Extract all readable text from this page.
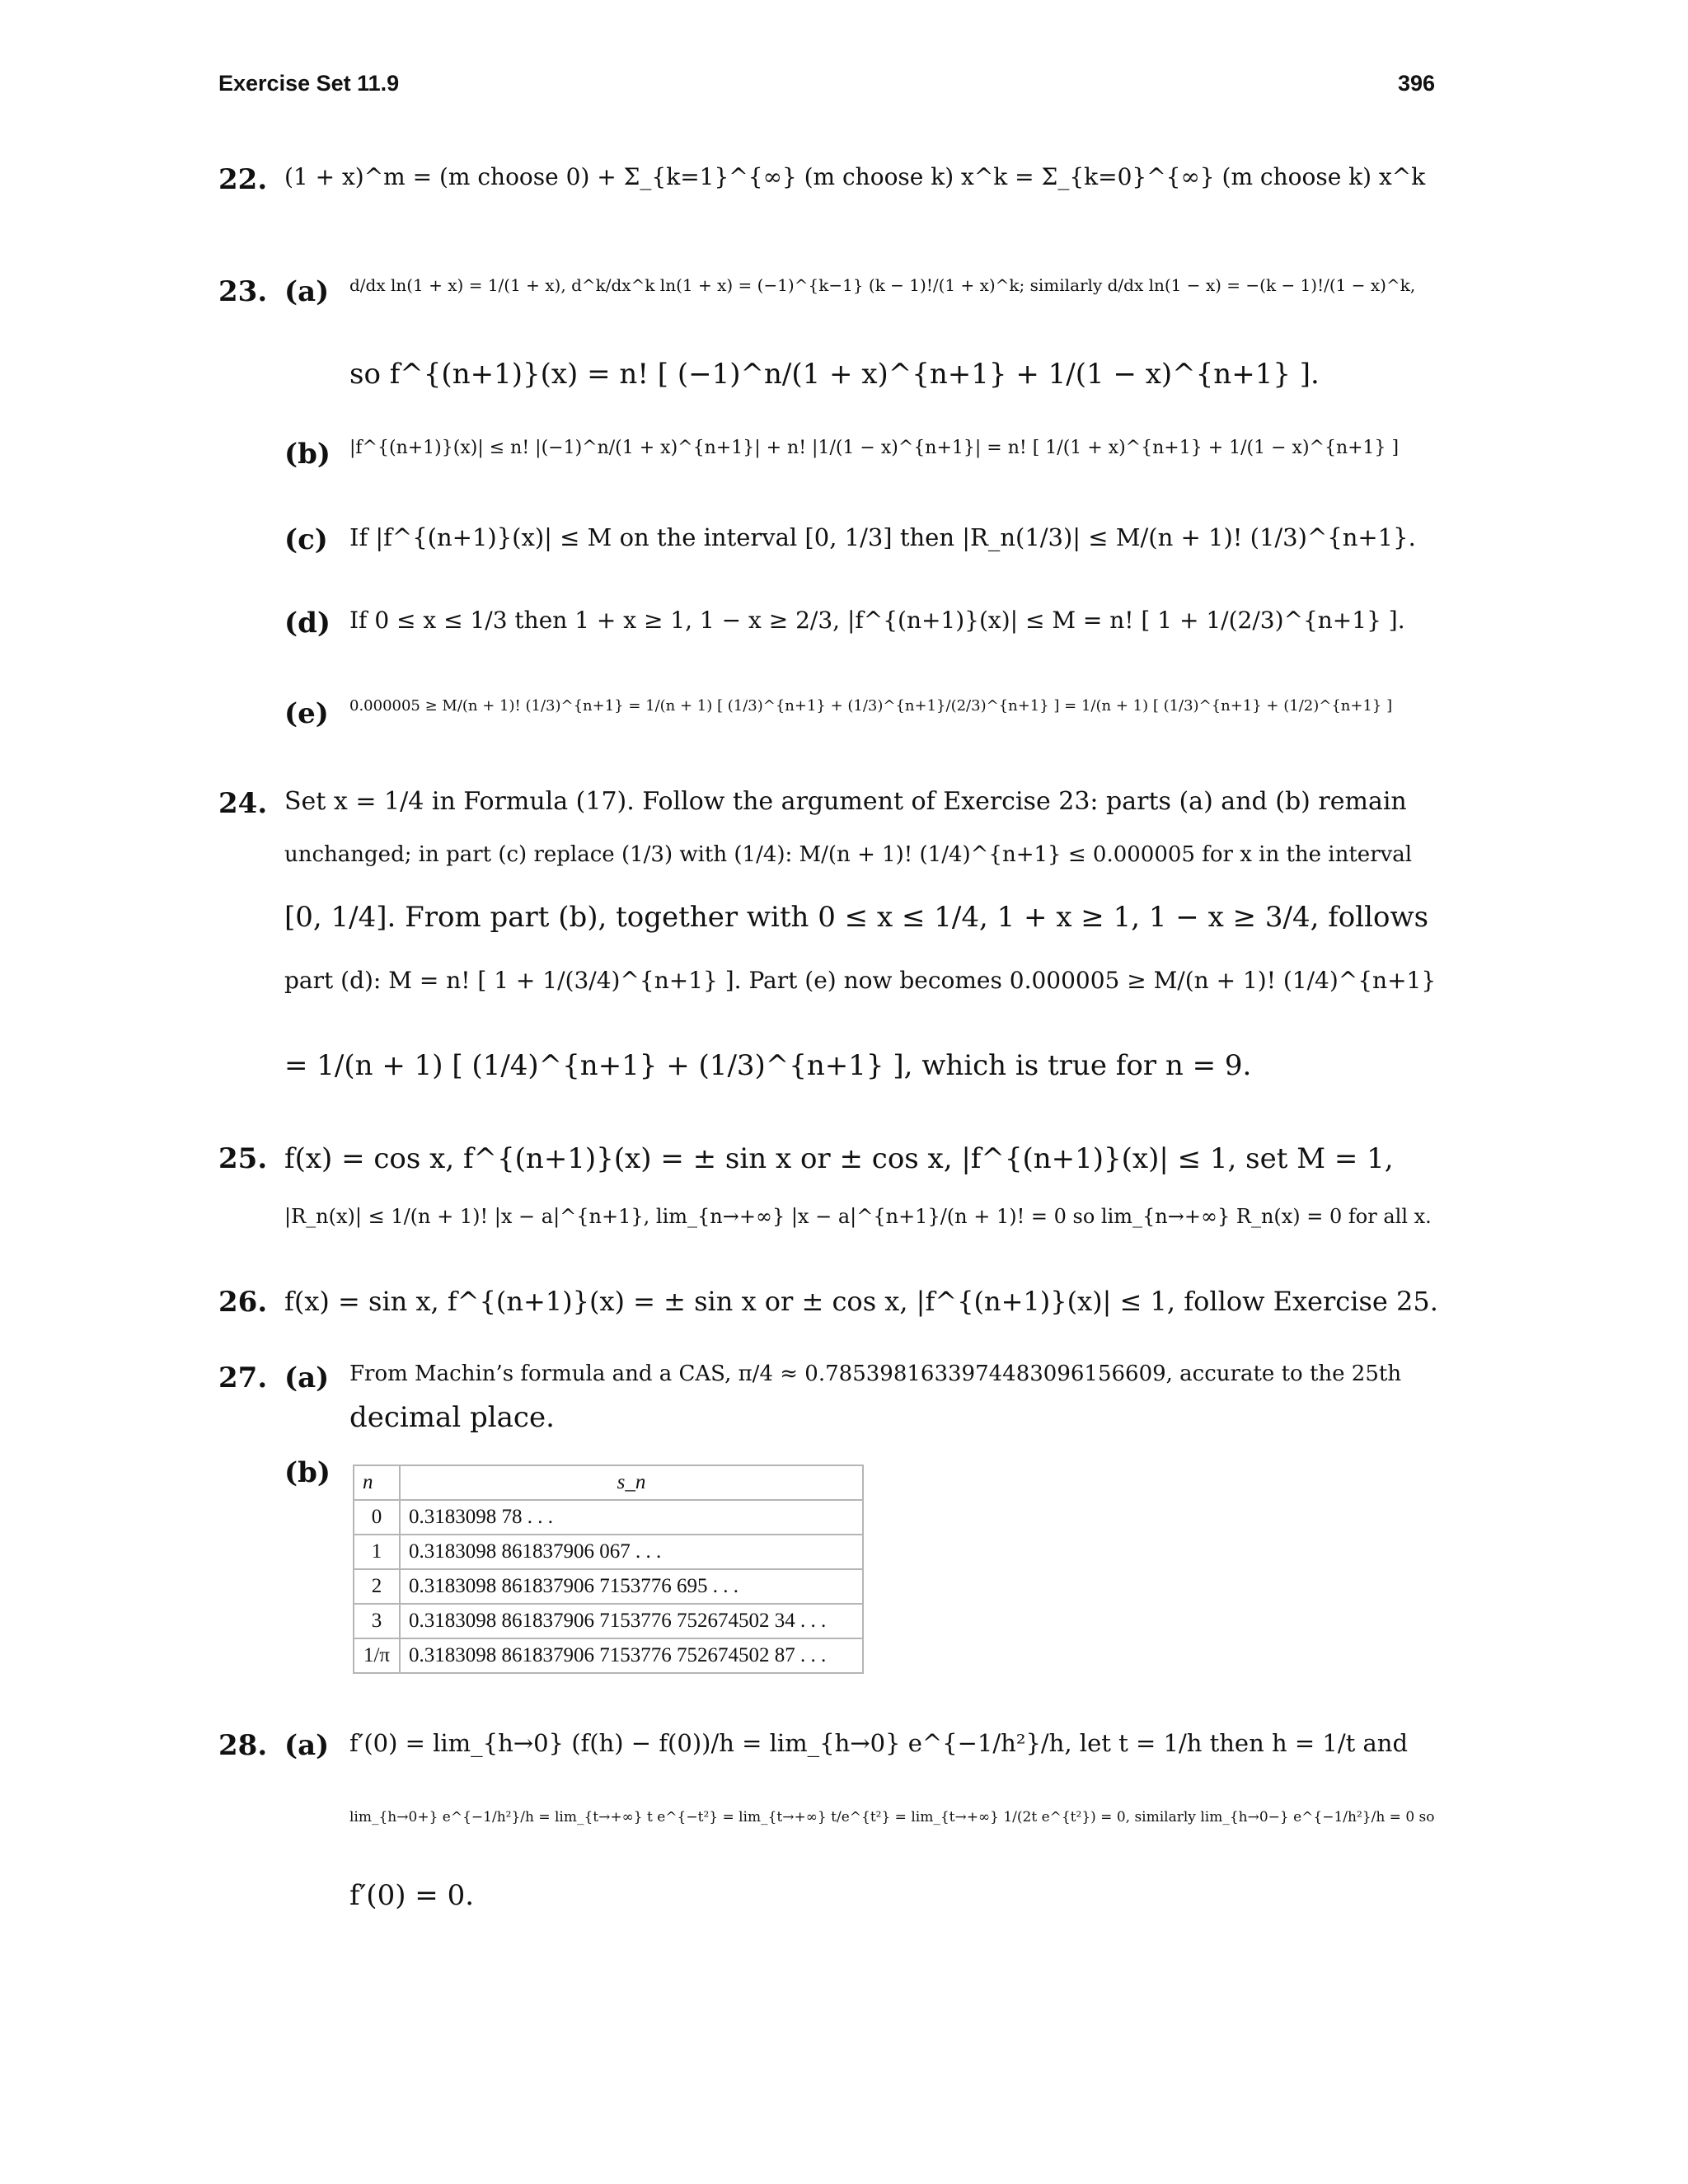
Exercise Set 11.9	396
22. (1 + x)^m = (m choose 0) + Σ_{k=1}^{∞} (m choose k) x^k = Σ_{k=0}^{∞} (m choose k) x^k
23. (a) d/dx ln(1 + x) = 1/(1 + x), d^k/dx^k ln(1 + x) = (−1)^{k−1} (k − 1)!/(1 + x)^k; similarly d/dx ln(1 − x) = −(k − 1)!/(1 − x)^k,
so f^{(n+1)}(x) = n! [ (−1)^n/(1 + x)^{n+1} + 1/(1 − x)^{n+1} ].
(b) |f^{(n+1)}(x)| ≤ n! |(−1)^n/(1 + x)^{n+1}| + n! |1/(1 − x)^{n+1}| = n! [ 1/(1 + x)^{n+1} + 1/(1 − x)^{n+1} ]
(c) If |f^{(n+1)}(x)| ≤ M on the interval [0, 1/3] then |R_n(1/3)| ≤ M/(n + 1)! (1/3)^{n+1}.
(d) If 0 ≤ x ≤ 1/3 then 1 + x ≥ 1, 1 − x ≥ 2/3, |f^{(n+1)}(x)| ≤ M = n! [ 1 + 1/(2/3)^{n+1} ].
(e) 0.000005 ≥ M/(n + 1)! (1/3)^{n+1} = 1/(n + 1) [ (1/3)^{n+1} + (1/3)^{n+1}/(2/3)^{n+1} ] = 1/(n + 1) [ (1/3)^{n+1} + (1/2)^{n+1} ]
24. Set x = 1/4 in Formula (17). Follow the argument of Exercise 23: parts (a) and (b) remain
unchanged; in part (c) replace (1/3) with (1/4): M/(n + 1)! (1/4)^{n+1} ≤ 0.000005 for x in the interval
[0, 1/4]. From part (b), together with 0 ≤ x ≤ 1/4, 1 + x ≥ 1, 1 − x ≥ 3/4, follows
part (d): M = n! [ 1 + 1/(3/4)^{n+1} ]. Part (e) now becomes 0.000005 ≥ M/(n + 1)! (1/4)^{n+1}
= 1/(n + 1) [ (1/4)^{n+1} + (1/3)^{n+1} ], which is true for n = 9.
25. f(x) = cos x, f^{(n+1)}(x) = ± sin x or ± cos x, |f^{(n+1)}(x)| ≤ 1, set M = 1,
|R_n(x)| ≤ 1/(n + 1)! |x − a|^{n+1}, lim_{n→+∞} |x − a|^{n+1}/(n + 1)! = 0 so lim_{n→+∞} R_n(x) = 0 for all x.
26. f(x) = sin x, f^{(n+1)}(x) = ± sin x or ± cos x, |f^{(n+1)}(x)| ≤ 1, follow Exercise 25.
27. (a) From Machin’s formula and a CAS, π/4 ≈ 0.7853981633974483096156609, accurate to the 25th
decimal place.
(b) n	s_n
0	0.3183098 78 . . .
1	0.3183098 861837906 067 . . .
2	0.3183098 861837906 7153776 695 . . .
3	0.3183098 861837906 7153776 752674502 34 . . .
1/π	0.3183098 861837906 7153776 752674502 87 . . .
28. (a) f′(0) = lim_{h→0} (f(h) − f(0))/h = lim_{h→0} e^{−1/h²}/h, let t = 1/h then h = 1/t and
lim_{h→0+} e^{−1/h²}/h = lim_{t→+∞} t e^{−t²} = lim_{t→+∞} t/e^{t²} = lim_{t→+∞} 1/(2t e^{t²}) = 0, similarly lim_{h→0−} e^{−1/h²}/h = 0 so
f′(0) = 0.
